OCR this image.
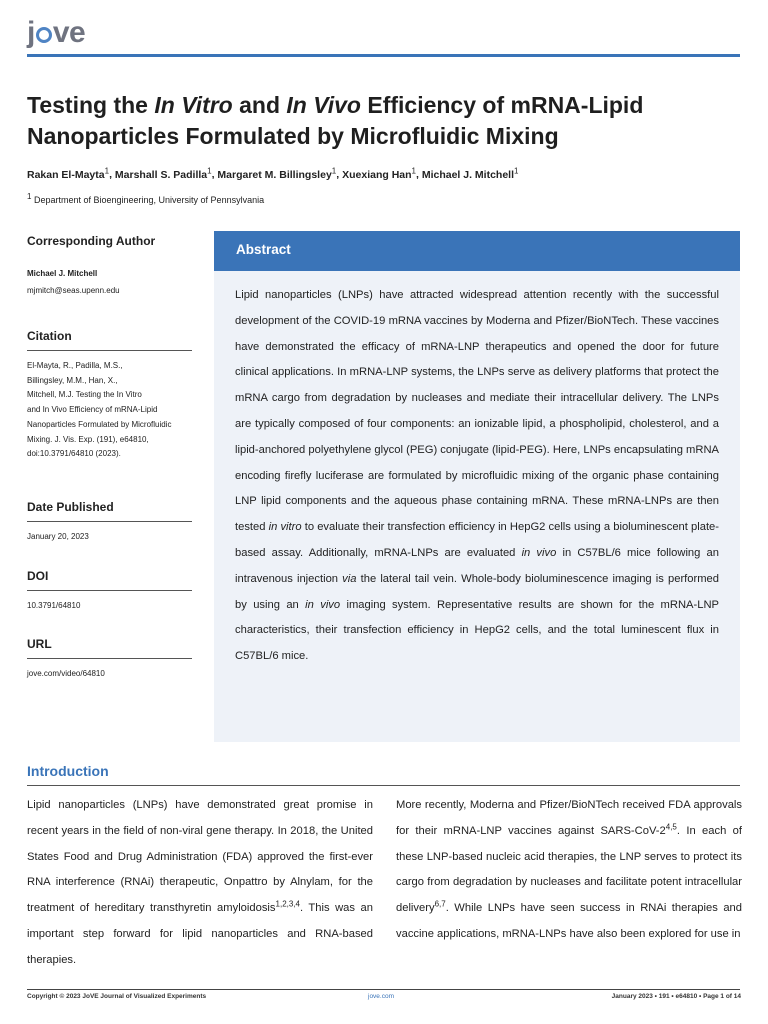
j ve
Testing the In Vitro and In Vivo Efficiency of mRNA-Lipid Nanoparticles Formulated by Microfluidic Mixing
Rakan El-Mayta$^1$, Marshall S. Padilla$^1$, Margaret M. Billingsley$^1$, Xuexiang Han$^1$, Michael J. Mitchell$^1$
$^1$ Department of Bioengineering, University of Pennsylvania
Corresponding Author
Michael J. Mitchell
mjmitch@seas.upenn.edu
Citation
El-Mayta, R., Padilla, M.S.,
Billingsley, M.M., Han, X.,
Mitchell, M.J. Testing the In Vitro
and In Vivo Efficiency of mRNA-Lipid
Nanoparticles Formulated by Microfluidic
Mixing. J. Vis. Exp. (191), e64810,
doi:10.3791/64810 (2023).
Date Published
January 20, 2023
DOI
10.3791/64810
URL
jove.com/video/64810
Abstract
Lipid nanoparticles (LNPs) have attracted widespread attention recently with the successful development of the COVID-19 mRNA vaccines by Moderna and Pfizer/BioNTech. These vaccines have demonstrated the efficacy of mRNA-LNP therapeutics and opened the door for future clinical applications. In mRNA-LNP systems, the LNPs serve as delivery platforms that protect the mRNA cargo from degradation by nucleases and mediate their intracellular delivery. The LNPs are typically composed of four components: an ionizable lipid, a phospholipid, cholesterol, and a lipid-anchored polyethylene glycol (PEG) conjugate (lipid-PEG). Here, LNPs encapsulating mRNA encoding firefly luciferase are formulated by microfluidic mixing of the organic phase containing LNP lipid components and the aqueous phase containing mRNA. These mRNA-LNPs are then tested in vitro to evaluate their transfection efficiency in HepG2 cells using a bioluminescent plate-based assay. Additionally, mRNA-LNPs are evaluated in vivo in C57BL/6 mice following an intravenous injection via the lateral tail vein. Whole-body bioluminescence imaging is performed by using an in vivo imaging system. Representative results are shown for the mRNA-LNP characteristics, their transfection efficiency in HepG2 cells, and the total luminescent flux in C57BL/6 mice.
Introduction
Lipid nanoparticles (LNPs) have demonstrated great promise in recent years in the field of non-viral gene therapy. In 2018, the United States Food and Drug Administration (FDA) approved the first-ever RNA interference (RNAi) therapeutic, Onpattro by Alnylam, for the treatment of hereditary transthyretin amyloidosis$^{1,2,3,4}$. This was an important step forward for lipid nanoparticles and RNA-based therapies.
More recently, Moderna and Pfizer/BioNTech received FDA approvals for their mRNA-LNP vaccines against SARS-CoV-2$^{4,5}$. In each of these LNP-based nucleic acid therapies, the LNP serves to protect its cargo from degradation by nucleases and facilitate potent intracellular delivery$^{6,7}$. While LNPs have seen success in RNAi therapies and vaccine applications, mRNA-LNPs have also been explored for use in
Copyright © 2023 JoVE Journal of Visualized Experiments	jove.com	January 2023 • 191 • e64810 • Page 1 of 14
